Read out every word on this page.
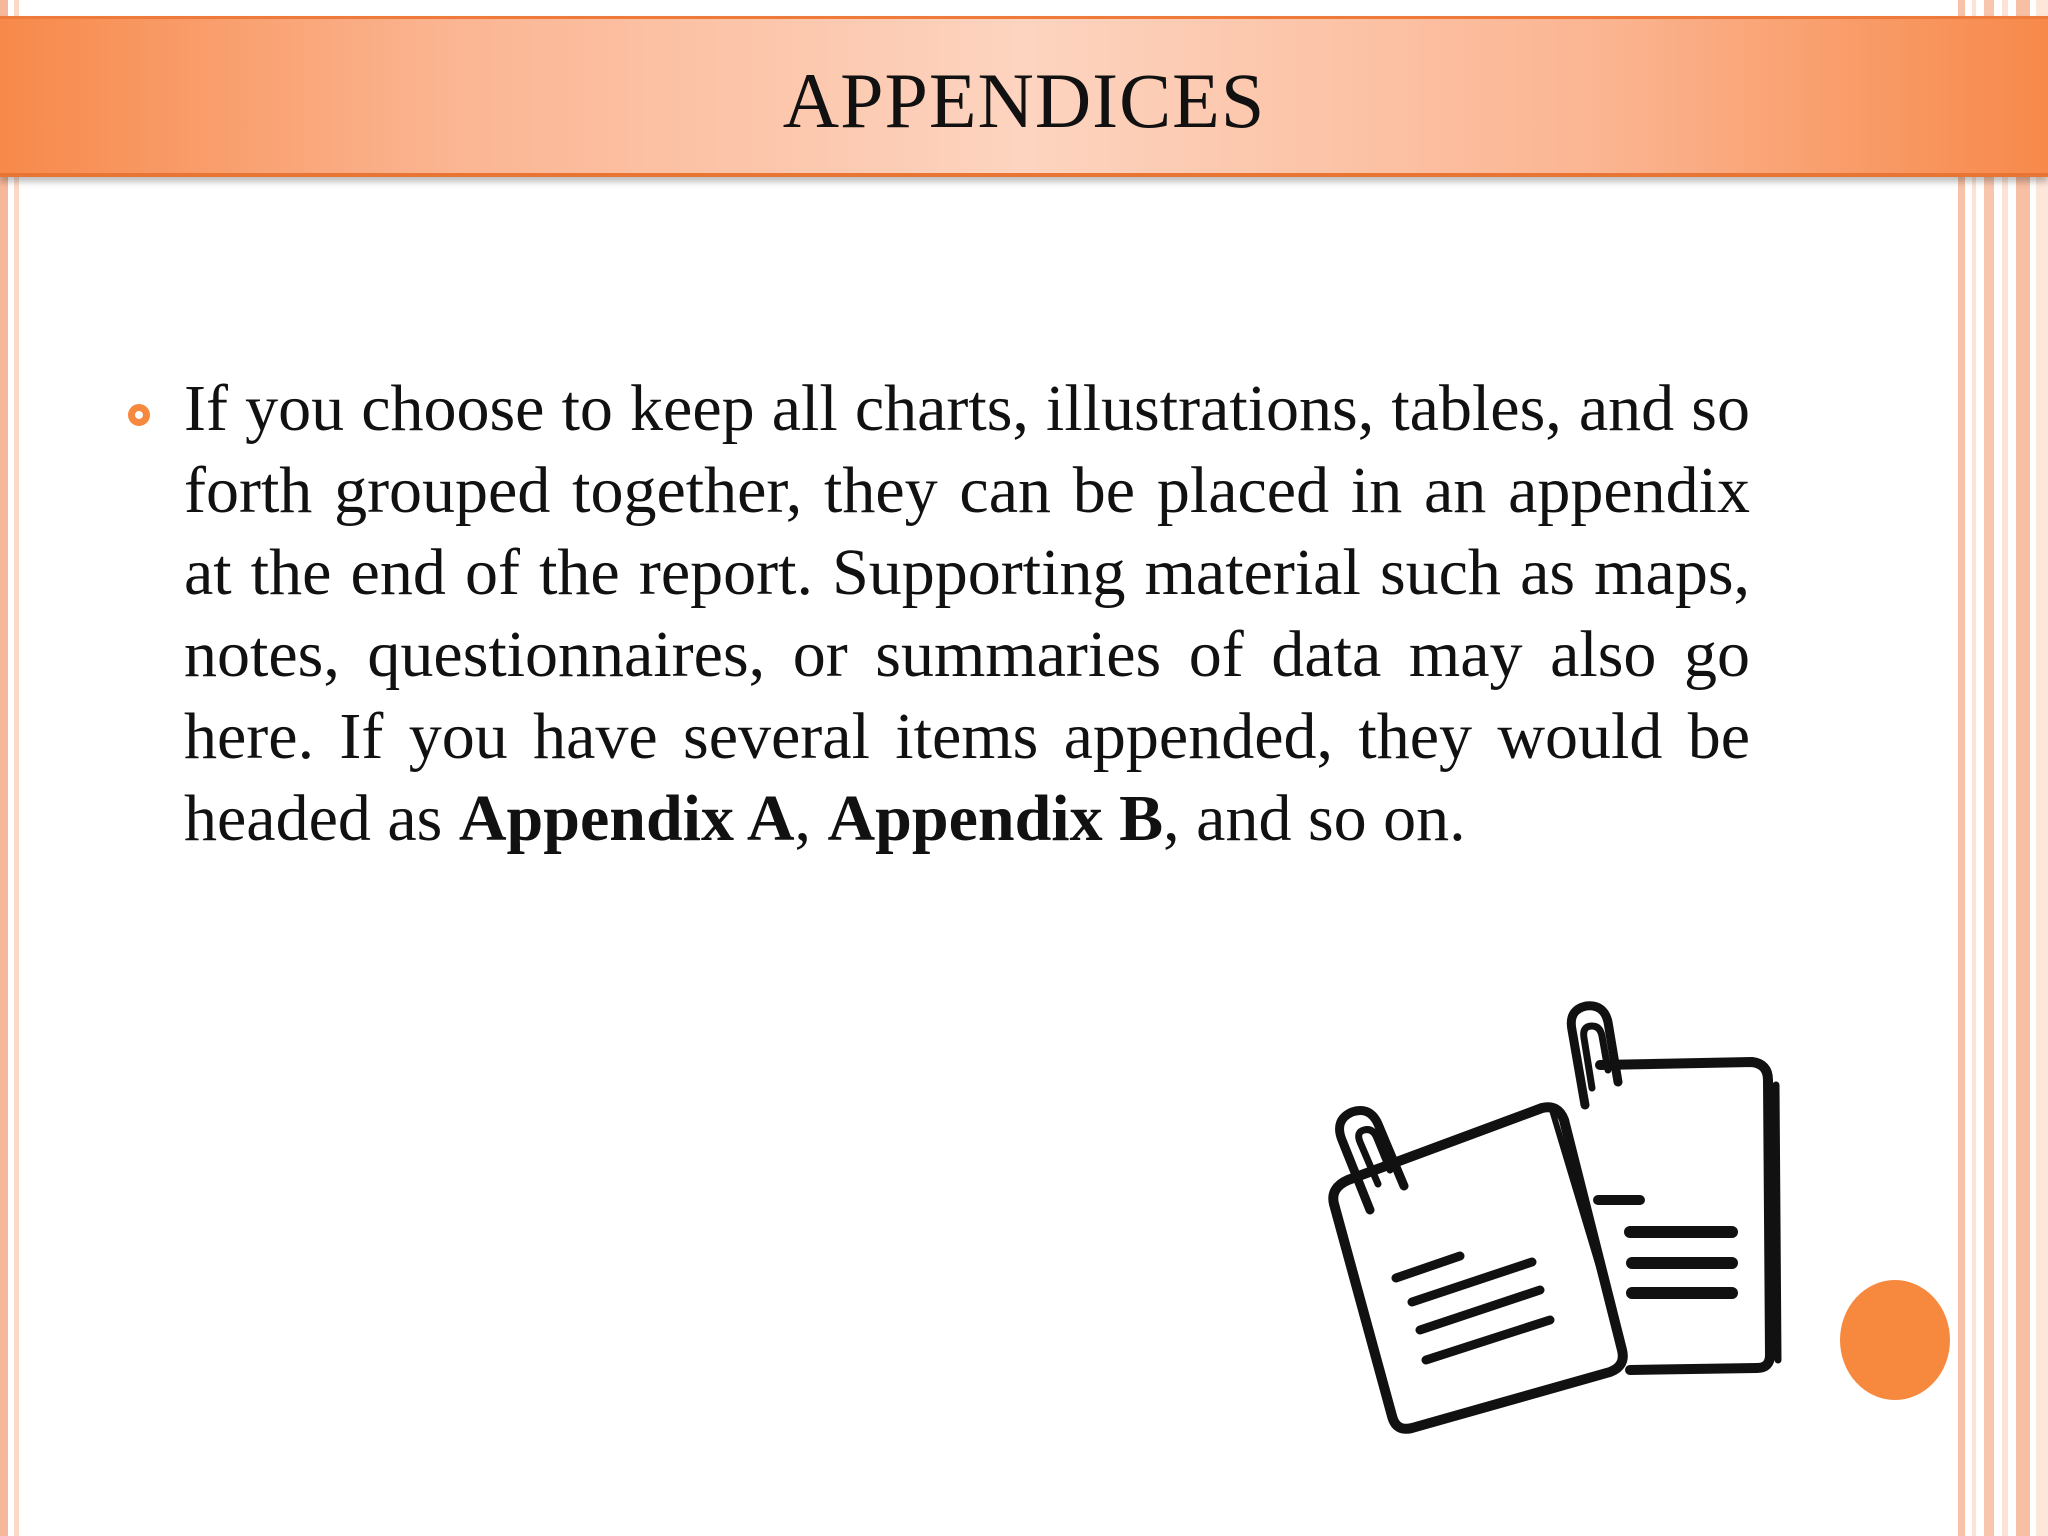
APPENDICES

If you choose to keep all charts, illustrations, tables, and so forth grouped together, they can be placed in an appendix at the end of the report. Supporting material such as maps, notes, questionnaires, or summaries of data may also go here. If you have several items appended, they would be headed as Appendix A, Appendix B, and so on.
